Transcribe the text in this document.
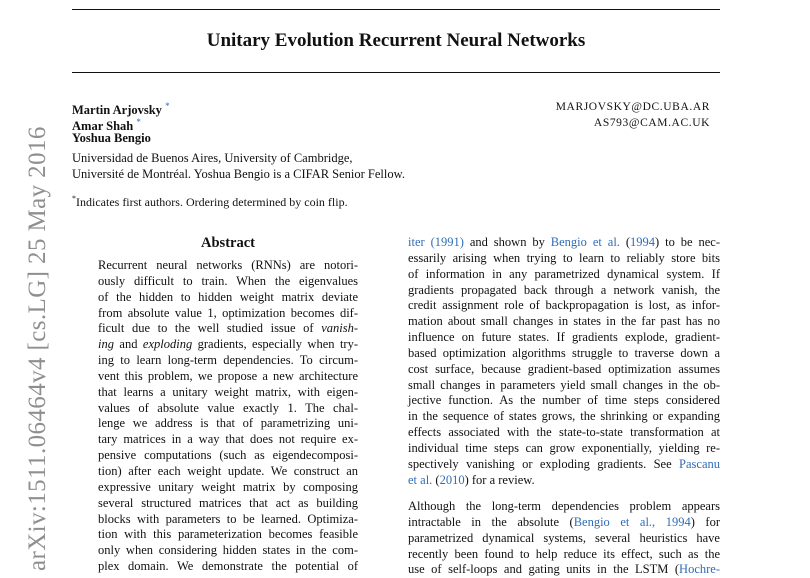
Unitary Evolution Recurrent Neural Networks
Martin Arjovsky *
Amar Shah *
Yoshua Bengio
MARJOVSKY@DC.UBA.AR
AS793@CAM.AC.UK
Universidad de Buenos Aires, University of Cambridge,
Université de Montréal. Yoshua Bengio is a CIFAR Senior Fellow.
*Indicates first authors. Ordering determined by coin flip.
arXiv:1511.06464v4 [cs.LG] 25 May 2016	Abstract
Recurrent neural networks (RNNs) are notori-
ously difficult to train. When the eigenvalues
of the hidden to hidden weight matrix deviate
from absolute value 1, optimization becomes dif-
ficult due to the well studied issue of vanish-
ing and exploding gradients, especially when try-
ing to learn long-term dependencies. To circum-
vent this problem, we propose a new architecture
that learns a unitary weight matrix, with eigen-
values of absolute value exactly 1. The chal-
lenge we address is that of parametrizing uni-
tary matrices in a way that does not require ex-
pensive computations (such as eigendecomposi-
tion) after each weight update. We construct an
expressive unitary weight matrix by composing
several structured matrices that act as building
blocks with parameters to be learned. Optimiza-
tion with this parameterization becomes feasible
only when considering hidden states in the com-
plex domain. We demonstrate the potential of
iter (1991) and shown by Bengio et al. (1994) to be nec-
essarily arising when trying to learn to reliably store bits
of information in any parametrized dynamical system. If
gradients propagated back through a network vanish, the
credit assignment role of backpropagation is lost, as infor-
mation about small changes in states in the far past has no
influence on future states. If gradients explode, gradient-
based optimization algorithms struggle to traverse down a
cost surface, because gradient-based optimization assumes
small changes in parameters yield small changes in the ob-
jective function. As the number of time steps considered
in the sequence of states grows, the shrinking or expanding
effects associated with the state-to-state transformation at
individual time steps can grow exponentially, yielding re-
spectively vanishing or exploding gradients. See Pascanu
et al. (2010) for a review.
Although the long-term dependencies problem appears
intractable in the absolute (Bengio et al., 1994) for
parametrized dynamical systems, several heuristics have
recently been found to help reduce its effect, such as the
use of self-loops and gating units in the LSTM (Hochre-
